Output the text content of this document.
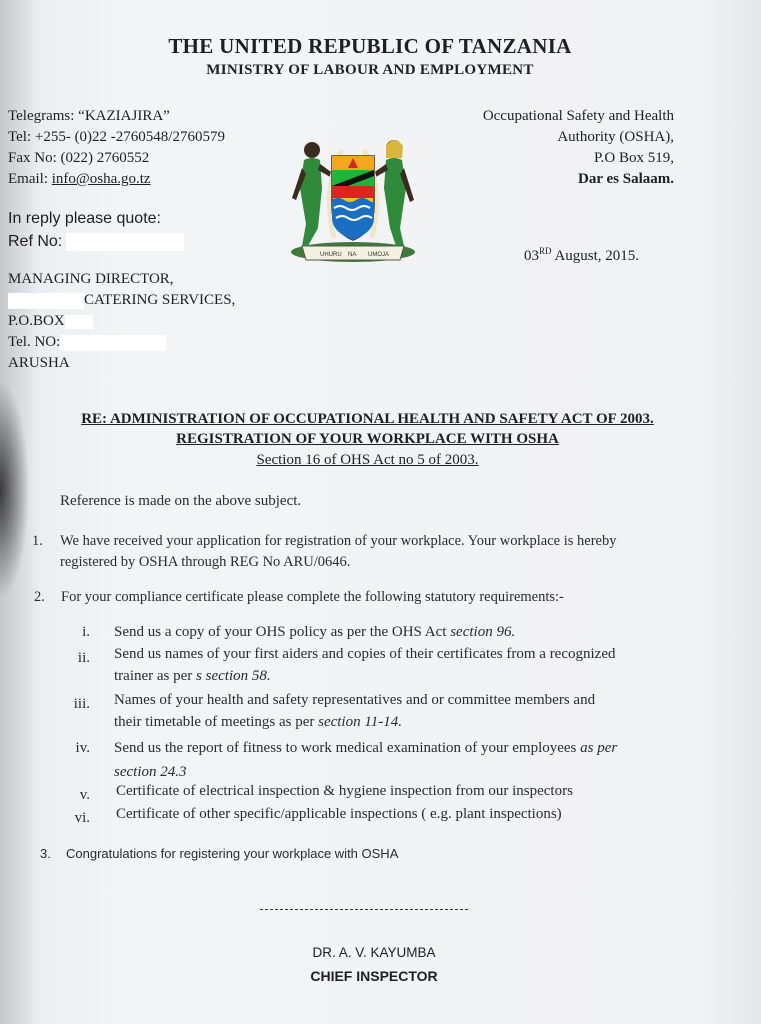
THE UNITED REPUBLIC OF TANZANIA
MINISTRY OF LABOUR AND EMPLOYMENT
Telegrams: “KAZIAJIRA”
Tel: +255- (0)22 -2760548/2760579
Fax No: (022) 2760552
Email: info@osha.go.tz
Occupational Safety and Health
Authority (OSHA),
P.O Box 519,
Dar es Salaam.
UHURU NA UMOJA
In reply please quote:
Ref No:
03RD August, 2015.
MANAGING DIRECTOR,
CATERING SERVICES,
P.O.BOX
Tel. NO:
ARUSHA
RE: ADMINISTRATION OF OCCUPATIONAL HEALTH AND SAFETY ACT OF 2003.
REGISTRATION OF YOUR WORKPLACE WITH OSHA
Section 16 of OHS Act no 5 of 2003.
Reference is made on the above subject.
1. We have received your application for registration of your workplace. Your workplace is hereby
registered by OSHA through REG No ARU/0646.
2. For your compliance certificate please complete the following statutory requirements:-
i. Send us a copy of your OHS policy as per the OHS Act section 96.
ii. Send us names of your first aiders and copies of their certificates from a recognized
trainer as per s section 58.
iii. Names of your health and safety representatives and or committee members and
their timetable of meetings as per section 11-14.
iv. Send us the report of fitness to work medical examination of your employees as per
section 24.3
v. Certificate of electrical inspection & hygiene inspection from our inspectors
vi. Certificate of other specific/applicable inspections ( e.g. plant inspections)
3. Congratulations for registering your workplace with OSHA
DR. A. V. KAYUMBA
CHIEF INSPECTOR
